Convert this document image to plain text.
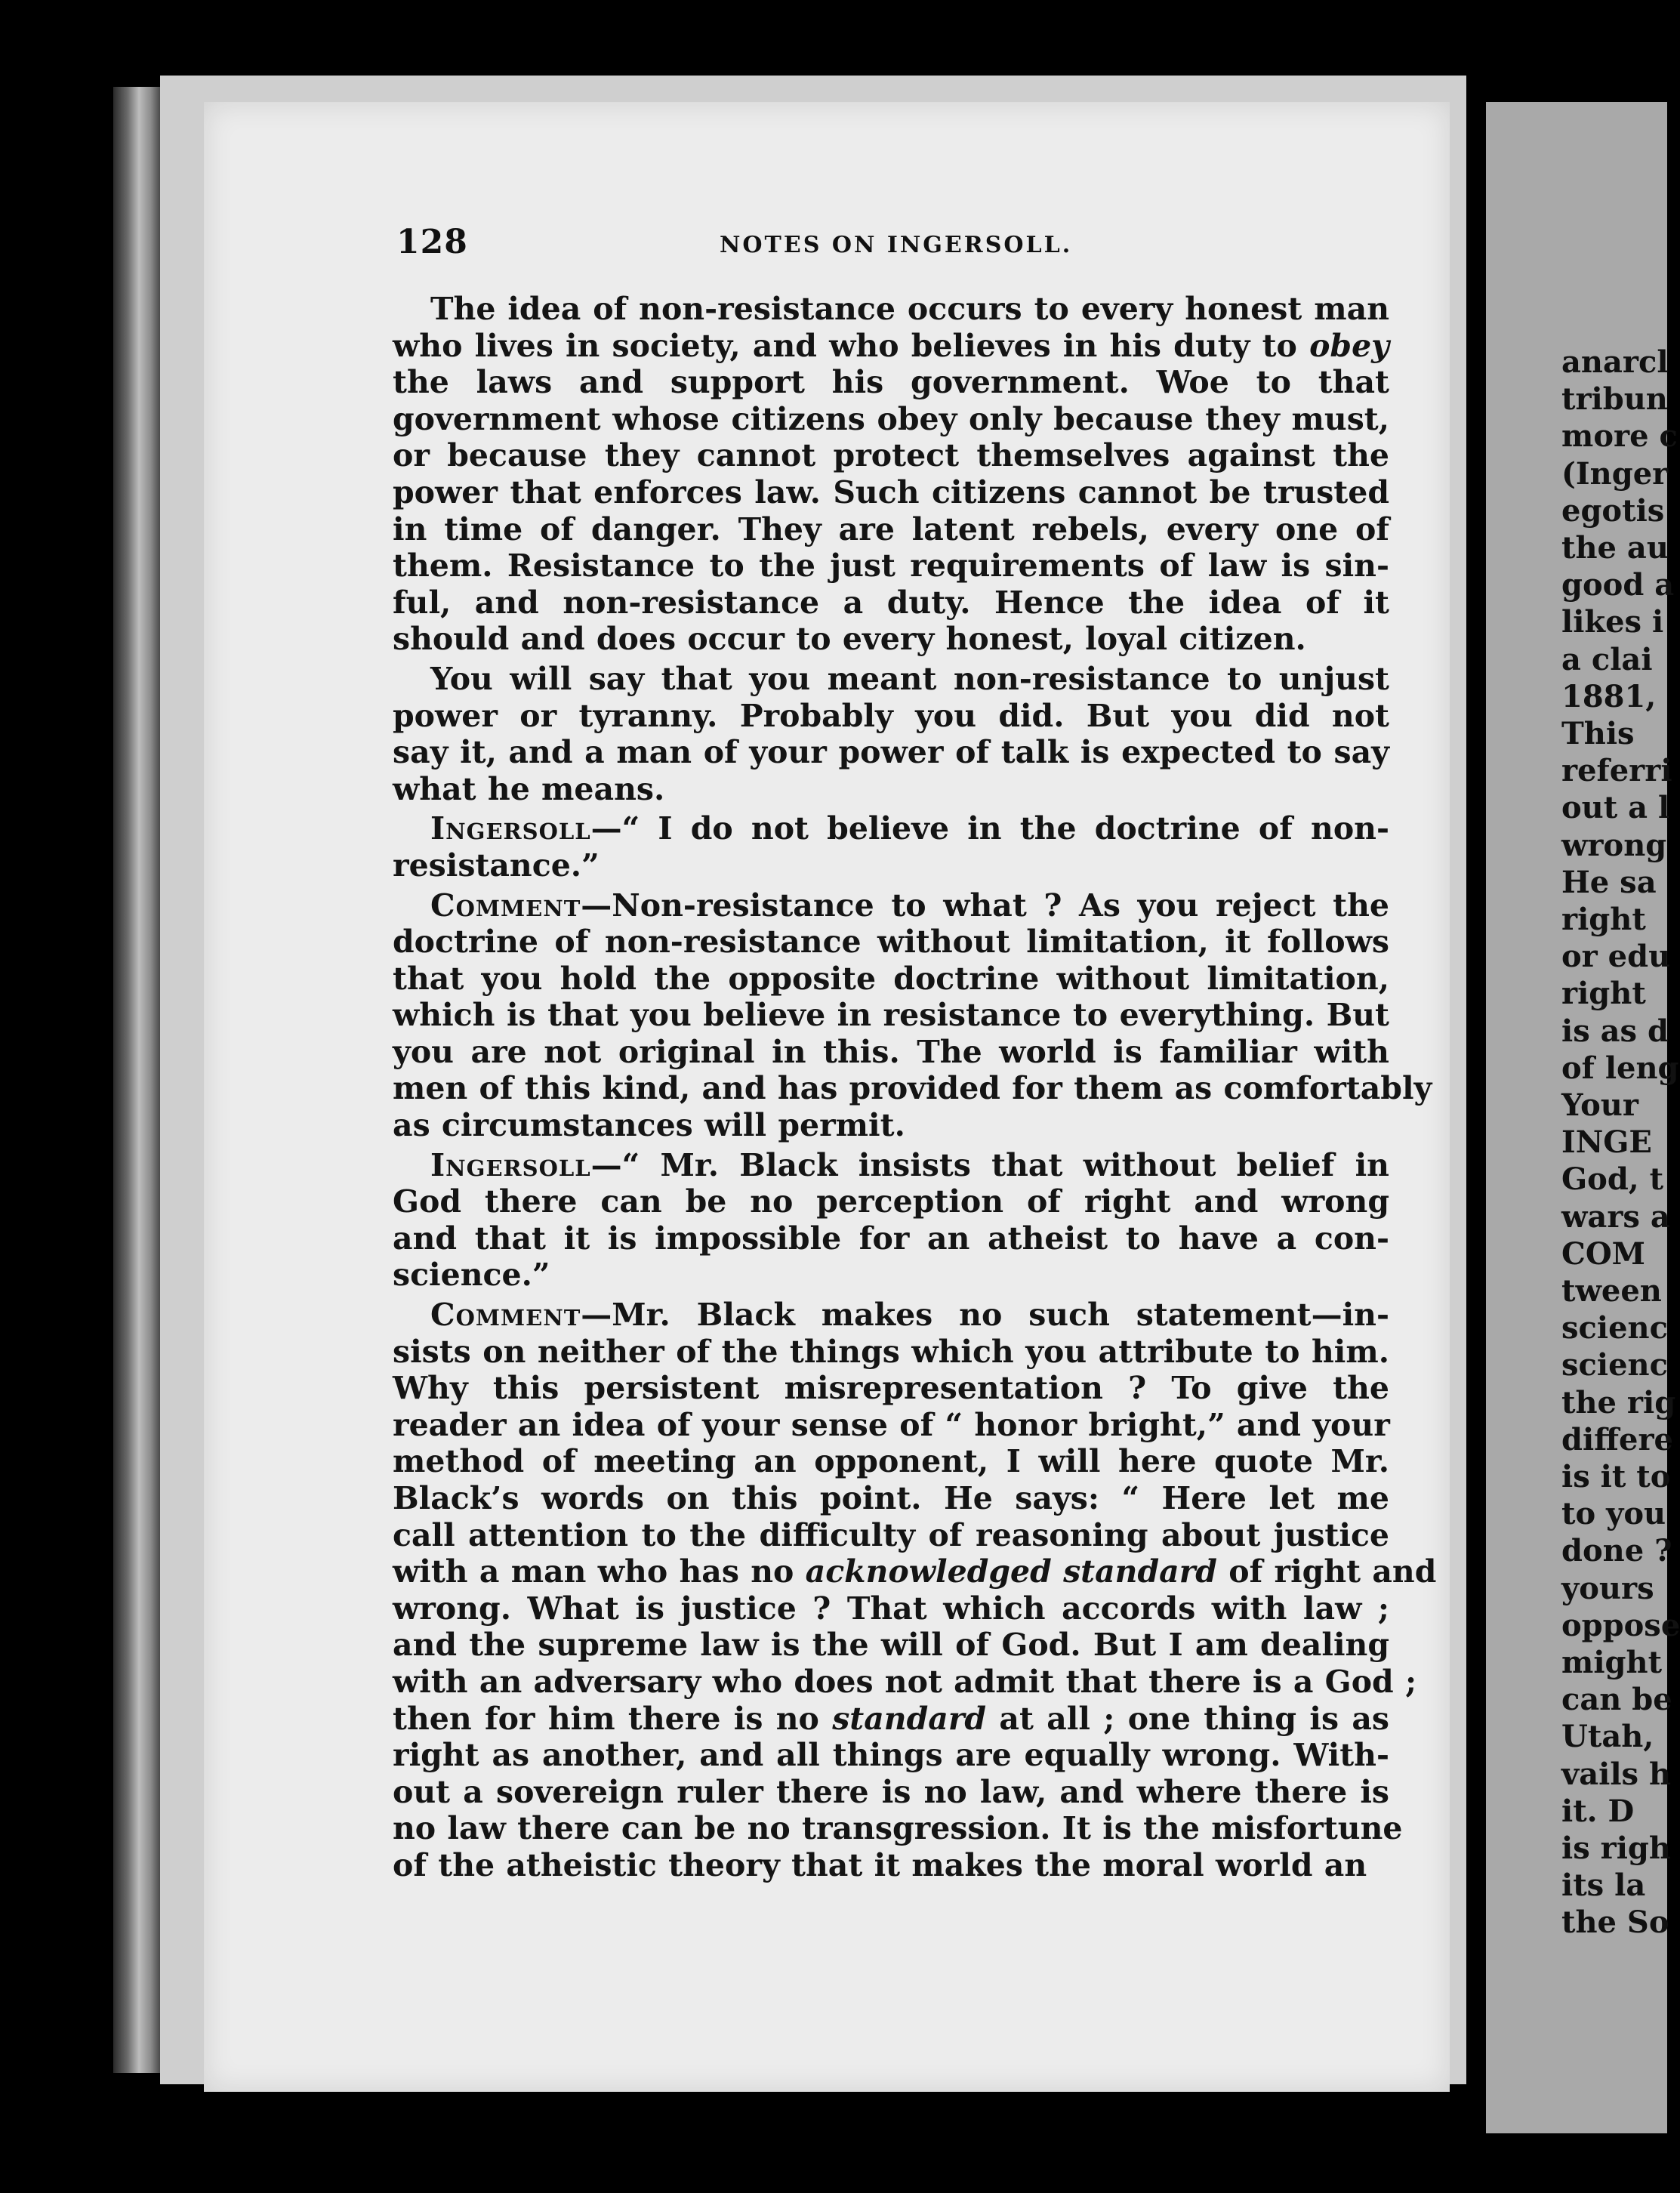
anarcl
tribun
more c
(Inger
egotis
the au
good a
likes i
a clai
1881,
This
referri
out a l
wrong
He sa
right
or edu
right
is as d
of leng
Your
INGE
God, t
wars a
COM
tween
scienc
scienc
the rig
differe
is it to
to you
done ?
yours
oppose
might
can be
Utah,
vails h
it. D
is righ
its la
the So
128	NOTES ON INGERSOLL.
The idea of non-resistance occurs to every honest man
who lives in society, and who believes in his duty to obey
the laws and support his government. Woe to that
government whose citizens obey only because they must,
or because they cannot protect themselves against the
power that enforces law. Such citizens cannot be trusted
in time of danger. They are latent rebels, every one of
them. Resistance to the just requirements of law is sin-
ful, and non-resistance a duty. Hence the idea of it
should and does occur to every honest, loyal citizen.
You will say that you meant non-resistance to unjust
power or tyranny. Probably you did. But you did not
say it, and a man of your power of talk is expected to say
what he means.
Ingersoll—“ I do not believe in the doctrine of non-
resistance.”
Comment—Non-resistance to what ? As you reject the
doctrine of non-resistance without limitation, it follows
that you hold the opposite doctrine without limitation,
which is that you believe in resistance to everything. But
you are not original in this. The world is familiar with
men of this kind, and has provided for them as comfortably
as circumstances will permit.
Ingersoll—“ Mr. Black insists that without belief in
God there can be no perception of right and wrong
and that it is impossible for an atheist to have a con-
science.”
Comment—Mr. Black makes no such statement—in-
sists on neither of the things which you attribute to him.
Why this persistent misrepresentation ? To give the
reader an idea of your sense of “ honor bright,” and your
method of meeting an opponent, I will here quote Mr.
Black’s words on this point. He says: “ Here let me
call attention to the difficulty of reasoning about justice
with a man who has no acknowledged standard of right and
wrong. What is justice ? That which accords with law ;
and the supreme law is the will of God. But I am dealing
with an adversary who does not admit that there is a God ;
then for him there is no standard at all ; one thing is as
right as another, and all things are equally wrong. With-
out a sovereign ruler there is no law, and where there is
no law there can be no transgression. It is the misfortune
of the atheistic theory that it makes the moral world an
